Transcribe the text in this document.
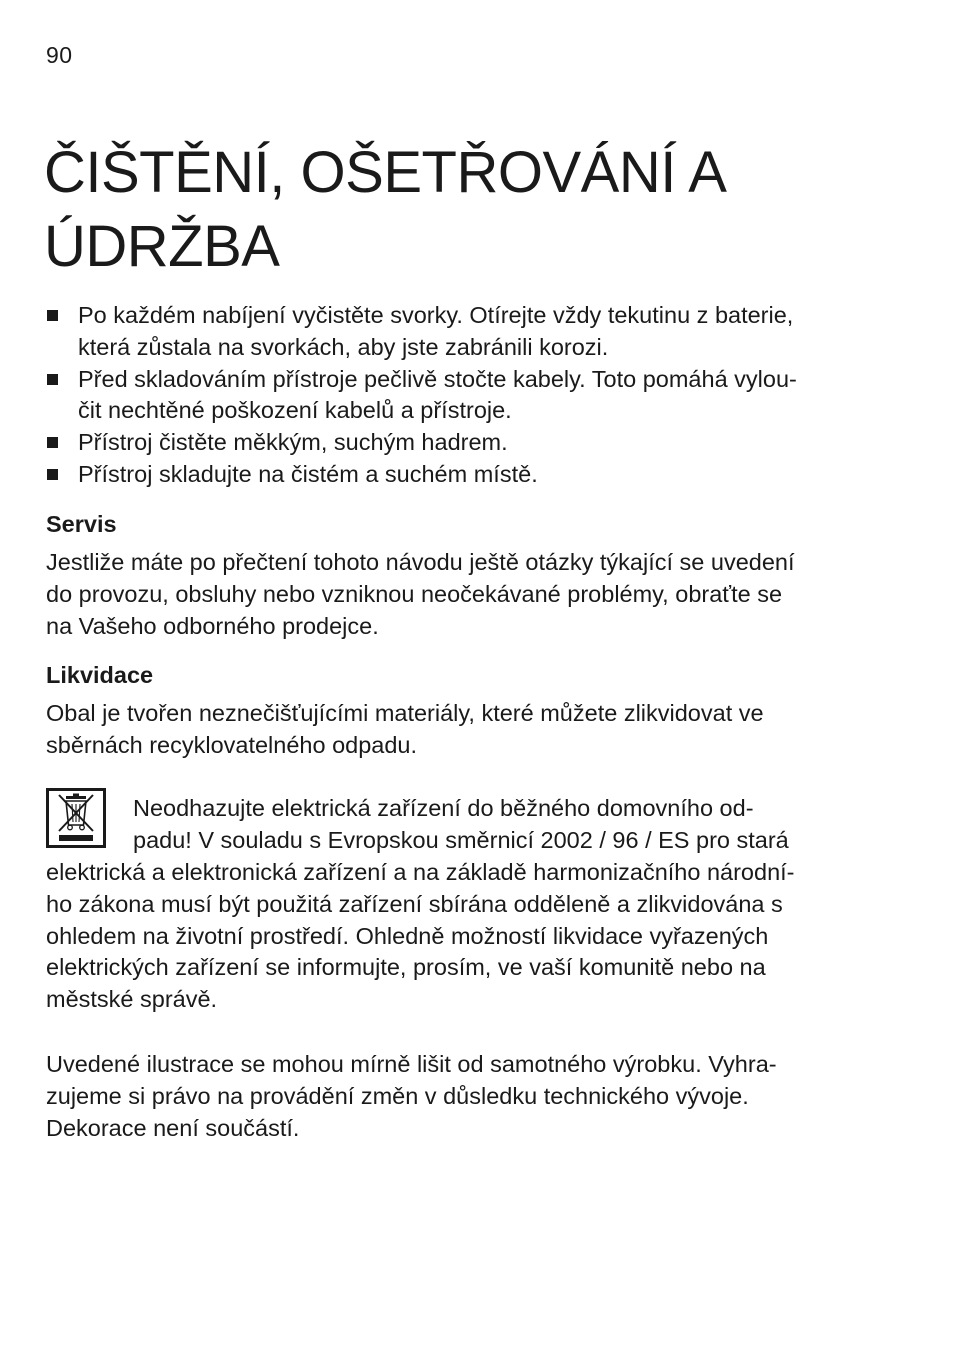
90
ČIŠTĚNÍ, OŠETŘOVÁNÍ A
ÚDRŽBA
Po každém nabíjení vyčistěte svorky. Otírejte vždy tekutinu z baterie,
která zůstala na svorkách, aby jste zabránili korozi.
Před skladováním přístroje pečlivě stočte kabely. Toto pomáhá vylou-
čit nechtěné poškození kabelů a přístroje.
Přístroj čistěte měkkým, suchým hadrem.
Přístroj skladujte na čistém a suchém místě.
Servis

Jestliže máte po přečtení tohoto návodu ještě otázky týkající se uvedení
do provozu, obsluhy nebo vzniknou neočekávané problémy, obraťte se
na Vašeho odborného prodejce.

Likvidace

Obal je tvořen neznečišťujícími materiály, které můžete zlikvidovat ve
sběrnách recyklovatelného odpadu.

Neodhazujte elektrická zařízení do běžného domovního od-
padu! V souladu s Evropskou směrnicí 2002 / 96 / ES pro stará

elektrická a elektronická zařízení a na základě harmonizačního národní-
ho zákona musí být použitá zařízení sbírána odděleně a zlikvidována s
ohledem na životní prostředí. Ohledně možností likvidace vyřazených
elektrických zařízení se informujte, prosím, ve vaší komunitě nebo na
městské správě.

Uvedené ilustrace se mohou mírně lišit od samotného výrobku. Vyhra-
zujeme si právo na provádění změn v důsledku technického vývoje.
Dekorace není součástí.
